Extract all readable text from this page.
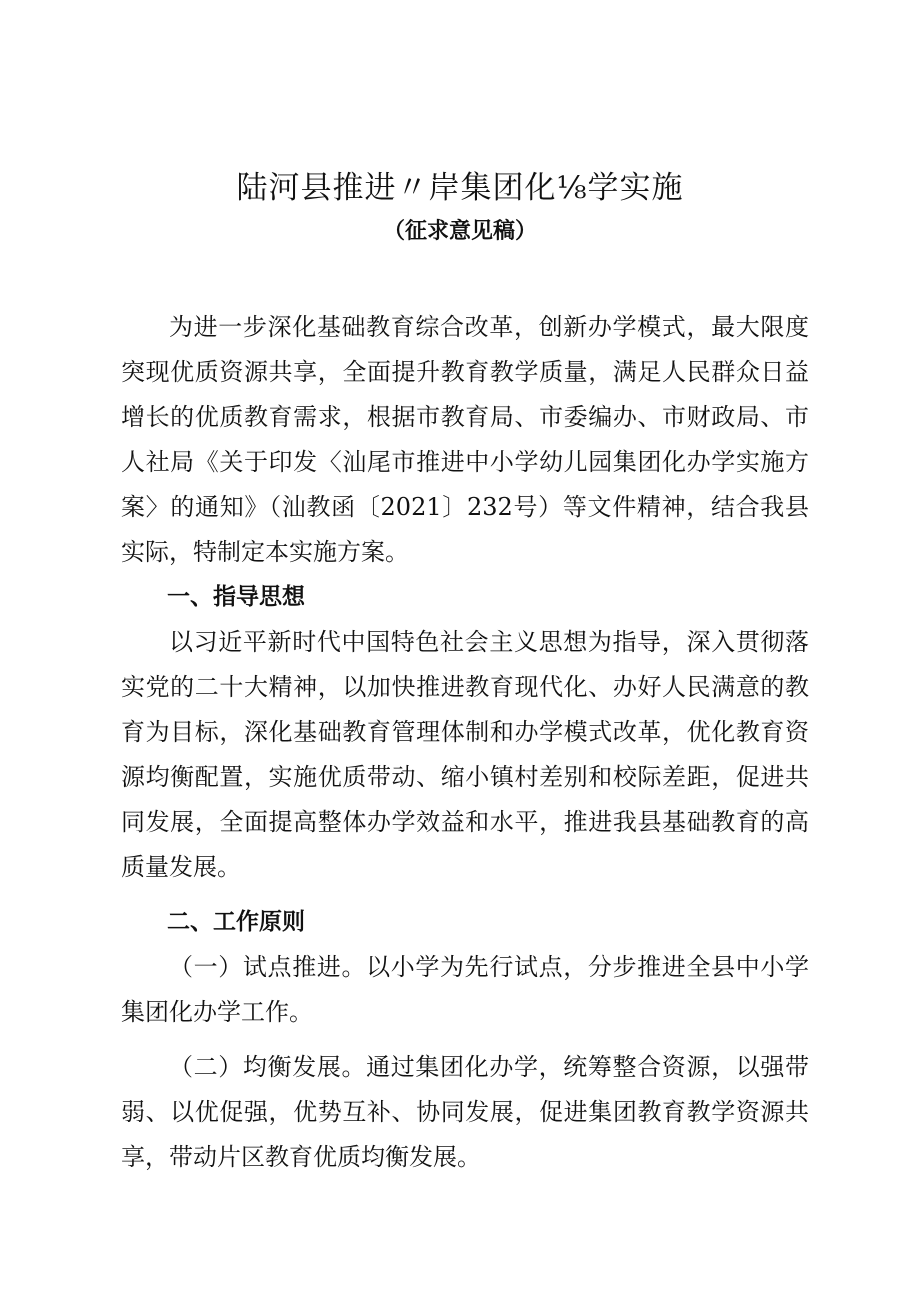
陆河县推进〃岸集团化⅛学实施
（征求意见稿）

为进一步深化基础教育综合改革，创新办学模式，最大限度突现优质资源共享，全面提升教育教学质量，满足人民群众日益增长的优质教育需求，根据市教育局、市委编办、市财政局、市人社局《关于印发〈汕尾市推进中小学幼儿园集团化办学实施方案〉的通知》（汕教函〔2021〕232号）等文件精神，结合我县实际，特制定本实施方案。

一、指导思想

以习近平新时代中国特色社会主义思想为指导，深入贯彻落实党的二十大精神，以加快推进教育现代化、办好人民满意的教育为目标，深化基础教育管理体制和办学模式改革，优化教育资源均衡配置，实施优质带动、缩小镇村差别和校际差距，促进共同发展，全面提高整体办学效益和水平，推进我县基础教育的高质量发展。

二、工作原则

（一）试点推进。以小学为先行试点，分步推进全县中小学集团化办学工作。

（二）均衡发展。通过集团化办学，统筹整合资源，以强带弱、以优促强，优势互补、协同发展，促进集团教育教学资源共享，带动片区教育优质均衡发展。
